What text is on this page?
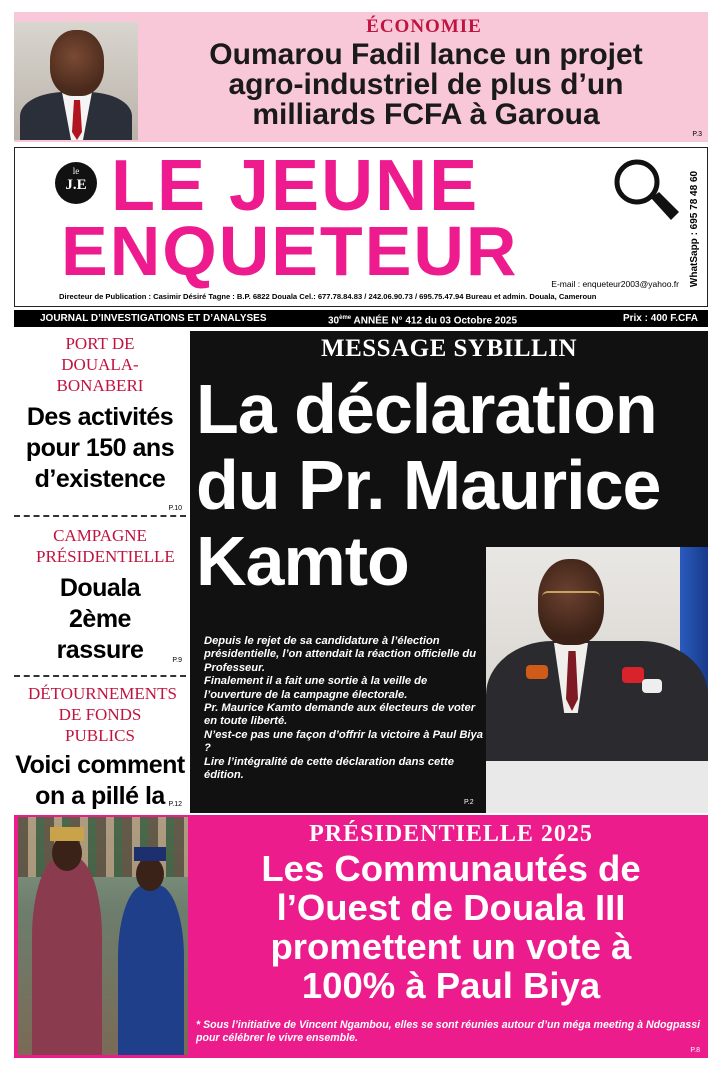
ÉCONOMIE
Oumarou Fadil lance un projet
agro-industriel de plus d’un
milliards FCFA à Garoua
P.3
le
J.E LE JEUNE
ENQUETEUR	WhatSapp : 695 78 48 60
E-mail : enqueteur2003@yahoo.fr
Directeur de Publication : Casimir Désiré Tagne : B.P. 6822 Douala Cel.: 677.78.84.83 / 242.06.90.73 / 695.75.47.94 Bureau et admin. Douala, Cameroun
JOURNAL D’INVESTIGATIONS ET D’ANALYSES	30ème ANNÉE N° 412 du 03 Octobre 2025	Prix : 400 F.CFA
PORT DE DOUALA-BONABERI
Des activités pour 150 ans d’existence
P.10
CAMPAGNE PRÉSIDENTIELLE
Douala 2ème rassure	P.9
DÉTOURNEMENTS DE FONDS PUBLICS
Voici comment on a pillé la P.12
MESSAGE SYBILLIN
La déclaration
du Pr. Maurice
Kamto

Depuis le rejet de sa candidature à l’élection présidentielle, l’on attendait la réaction officielle du Professeur.

Finalement il a fait une sortie à la veille de l’ouverture de la campagne électorale.

Pr. Maurice Kamto demande aux électeurs de voter en toute liberté.

N’est-ce pas une façon d’offrir la victoire à Paul Biya ?

Lire l’intégralité de cette déclaration dans cette édition.

P.2
PRÉSIDENTIELLE 2025
Les Communautés de
l’Ouest de Douala III
promettent un vote à
100% à Paul Biya
* Sous l’initiative de Vincent Ngambou, elles se sont réunies autour d’un méga meeting à Ndogpassi pour célébrer le vivre ensemble.
P.8
